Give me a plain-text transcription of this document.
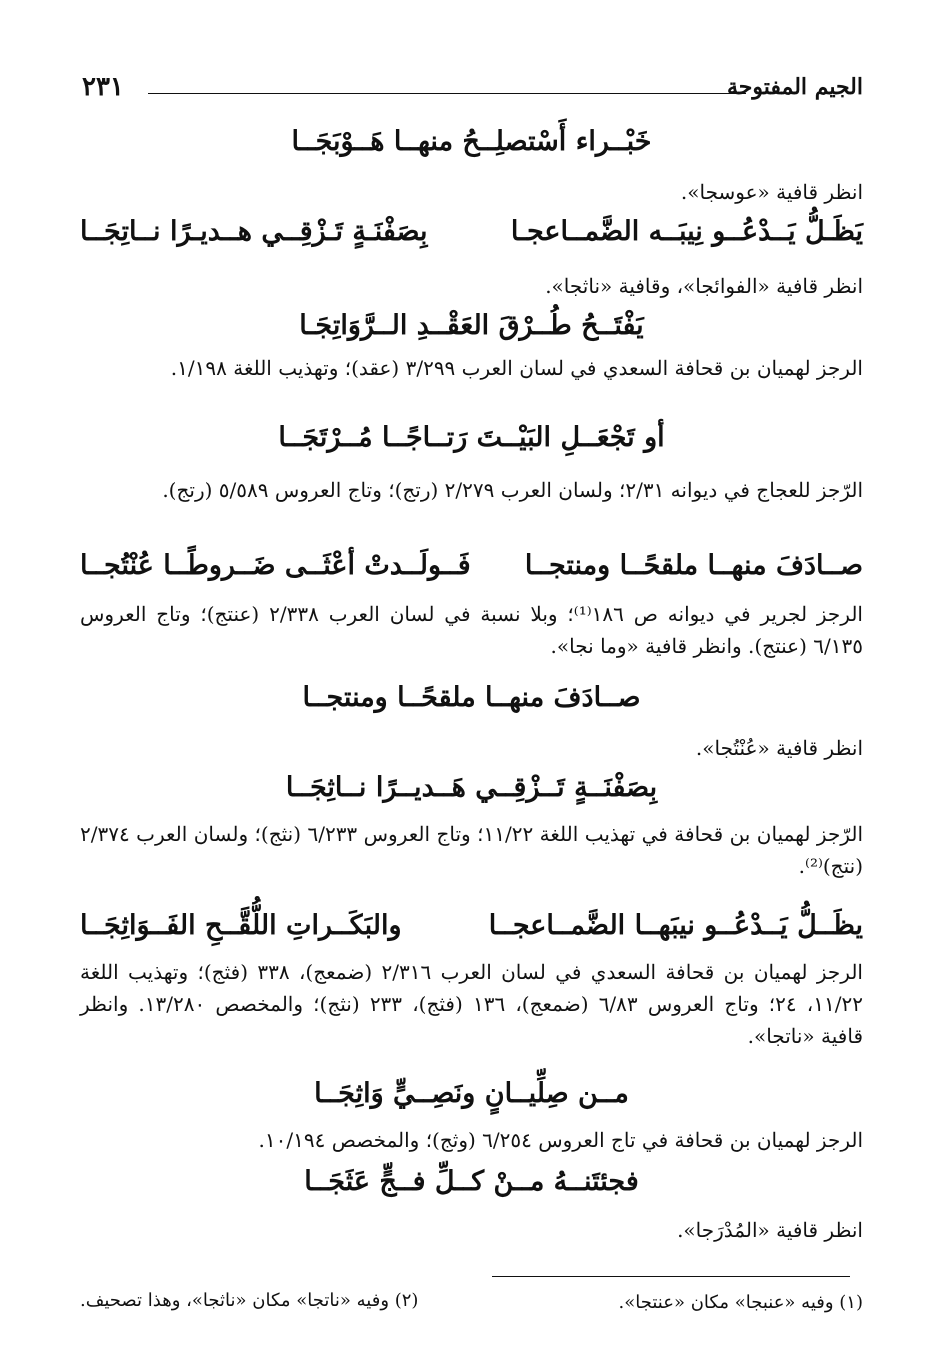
٢٣١	الجيم المفتوحة
خَبْــراء أَسْتصلِــحُ منهــا هَــوْبَجَــا
انظر قافية «عوسجا».
يَظَـلُّ يَــدْعُــو نِيبَــه الضَّمــاعجـا
بِصَفْنَـةٍ تَـزْقِــي هــديـرًا نــاتِجَــا
انظر قافية «الفوائجا»، وقافية «ناثجا».
يَفْتَــحُ طُــرْقَ العَقْــدِ الــرَّوَاتِجَـا
الرجز لهميان بن قحافة السعدي في لسان العرب ٣/٢٩٩ (عقد)؛ وتهذيب اللغة ١/١٩٨.
أو تَجْعَــلِ البَيْــتَ رَتــاجًــا مُــرْتَجَــا
الرّجز للعجاج في ديوانه ٢/٣١؛ ولسان العرب ٢/٢٧٩ (رتج)؛ وتاج العروس ٥/٥٨٩ (رتج).
صــادَفَ منهــا ملقحًــا ومنتجــا
فَــولَــدتْ أعْثَــى ضَــروطًــا عُنْتُجــا
الرجز لجرير في ديوانه ص ١٨٦⁽¹⁾؛ وبلا نسبة في لسان العرب ٢/٣٣٨ (عنتج)؛ وتاج العروس ٦/١٣٥ (عنتج). وانظر قافية «وما نجا».
صــادَفَ منهــا ملقحًــا ومنتجــا
انظر قافية «عُنْتُجا».
بِصَفْنَــةٍ تَــزْقِــي هَــديــرًا نــاثِجَــا
الرّجز لهميان بن قحافة في تهذيب اللغة ١١/٢٢؛ وتاج العروس ٦/٢٣٣ (نثج)؛ ولسان العرب ٢/٣٧٤ (نتج)⁽²⁾.
يظَــلُّ يَــدْعُــو نيبَهــا الضَّمــاعجــا
والبَكَــراتِ اللُّقَّــحِ الفَــوَاثِجَــا
الرجز لهميان بن قحافة السعدي في لسان العرب ٢/٣١٦ (ضمعج)، ٣٣٨ (فثج)؛ وتهذيب اللغة ١١/٢٢، ٢٤؛ وتاج العروس ٦/٨٣ (ضمعج)، ١٣٦ (فثج)، ٢٣٣ (نثج)؛ والمخصص ١٣/٢٨٠. وانظر قافية «ناتجا».
مــن صِلِّيــانٍ ونَصِــيٍّ وَاثِجَــا
الرجز لهميان بن قحافة في تاج العروس ٦/٢٥٤ (وثج)؛ والمخصص ١٠/١٩٤.
فجئتَنــهُ مــنْ كــلِّ فــجٍّ عَثَجَــا
انظر قافية «المُدْرَجا».
(١) وفيه «عنبجا» مكان «عنتجا».
(٢) وفيه «ناتجا» مكان «ناثجا»، وهذا تصحيف.
